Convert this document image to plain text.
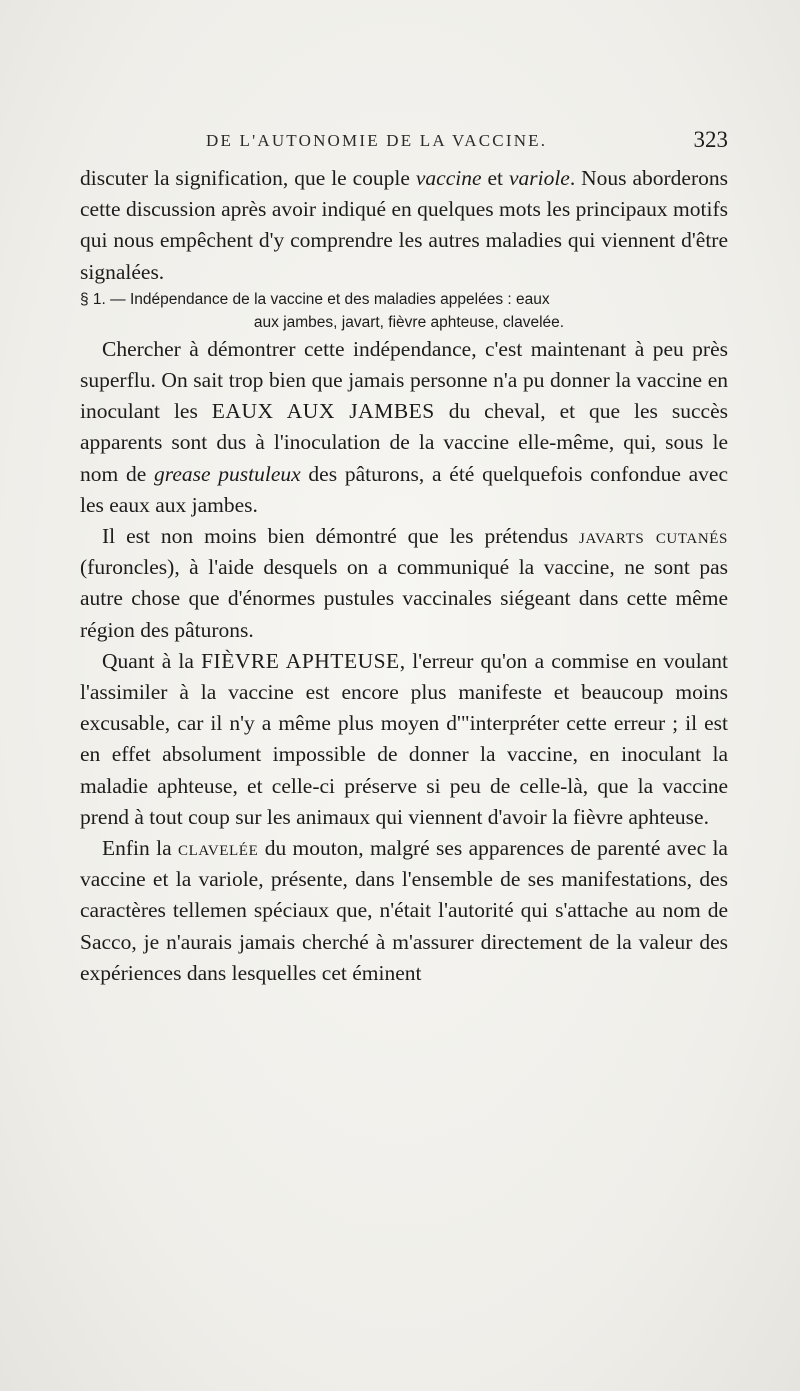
DE L'AUTONOMIE DE LA VACCINE.	323

discuter la signification, que le couple vaccine et variole. Nous aborderons cette discussion après avoir indiqué en quelques mots les principaux motifs qui nous empêchent d'y comprendre les autres maladies qui viennent d'être signalées.

§ 1. — Indépendance de la vaccine et des maladies appelées : eaux
aux jambes, javart, fièvre aphteuse, clavelée.

Chercher à démontrer cette indépendance, c'est maintenant à peu près superflu. On sait trop bien que jamais personne n'a pu donner la vaccine en inoculant les EAUX AUX JAMBES du cheval, et que les succès apparents sont dus à l'inoculation de la vaccine elle-même, qui, sous le nom de grease pustuleux des pâturons, a été quelquefois confondue avec les eaux aux jambes.

Il est non moins bien démontré que les prétendus javarts cutanés (furoncles), à l'aide desquels on a communiqué la vaccine, ne sont pas autre chose que d'énormes pustules vaccinales siégeant dans cette même région des pâturons.

Quant à la FIÈVRE APHTEUSE, l'erreur qu'on a commise en voulant l'assimiler à la vaccine est encore plus manifeste et beaucoup moins excusable, car il n'y a même plus moyen d'"interpréter cette erreur ; il est en effet absolument impossible de donner la vaccine, en inoculant la maladie aphteuse, et celle-ci préserve si peu de celle-là, que la vaccine prend à tout coup sur les animaux qui viennent d'avoir la fièvre aphteuse.

Enfin la clavelée du mouton, malgré ses apparences de parenté avec la vaccine et la variole, présente, dans l'ensemble de ses manifestations, des caractères tellemen spéciaux que, n'était l'autorité qui s'attache au nom de Sacco, je n'aurais jamais cherché à m'assurer directement de la valeur des expériences dans lesquelles cet éminent
